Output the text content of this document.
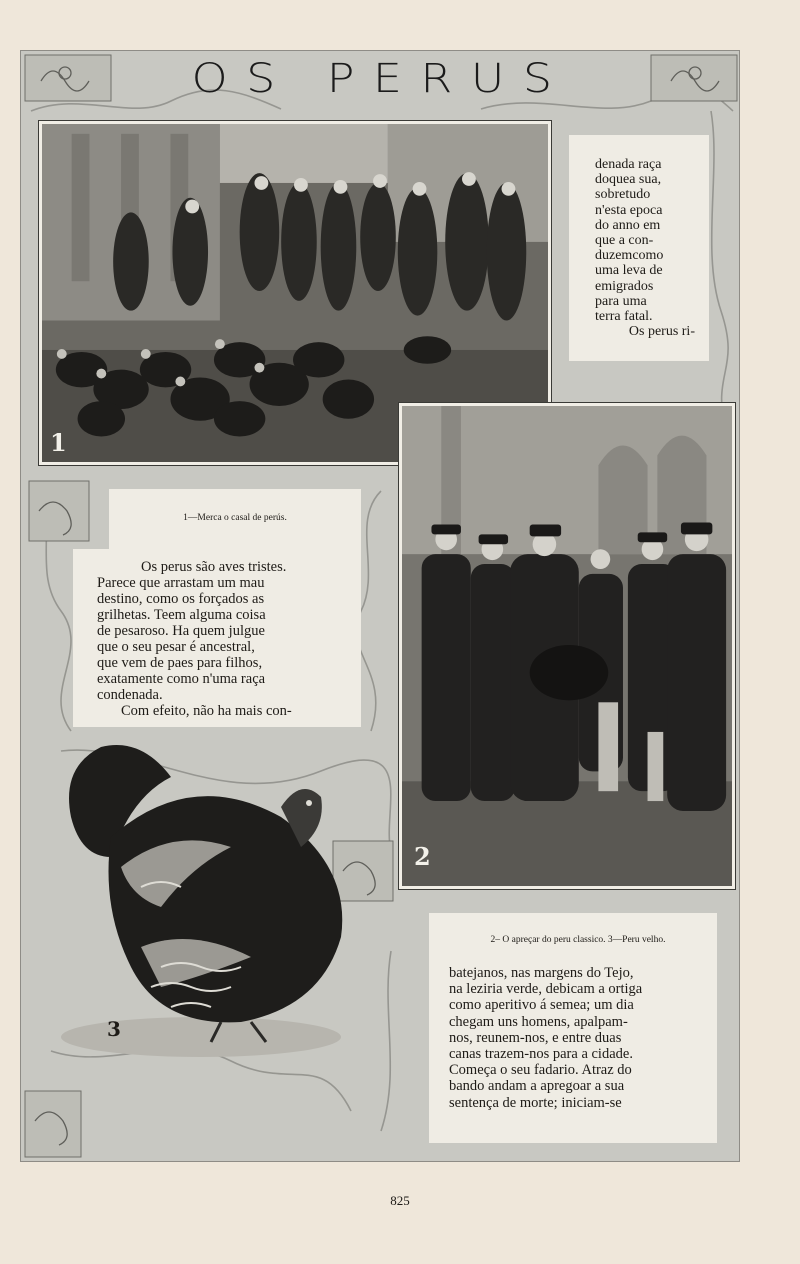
OS PERUS
1

denada raça

doquea sua,

sobretudo

n'esta epoca

do anno em

que a con-

duzemcomo

uma leva de

emigrados

para uma

terra fatal.

Os perus ri-

1—Merca o casal de perús.

Os perus são aves tristes.

Parece que arrastam um mau

destino, como os forçados as

grilhetas. Teem alguma coisa

de pesaroso. Ha quem julgue

que o seu pesar é ancestral,

que vem de paes para filhos,

exatamente como n'uma raça

condenada.

Com efeito, não ha mais con-

2
3
2– O apreçar do peru classico. 3—Peru velho.

batejanos, nas margens do Tejo,

na leziria verde, debicam a ortiga

como aperitivo á semea; um dia

chegam uns homens, apalpam-

nos, reunem-nos, e entre duas

canas trazem-nos para a cidade.

Começa o seu fadario. Atraz do

bando andam a apregoar a sua

sentença de morte; iniciam-se

825
